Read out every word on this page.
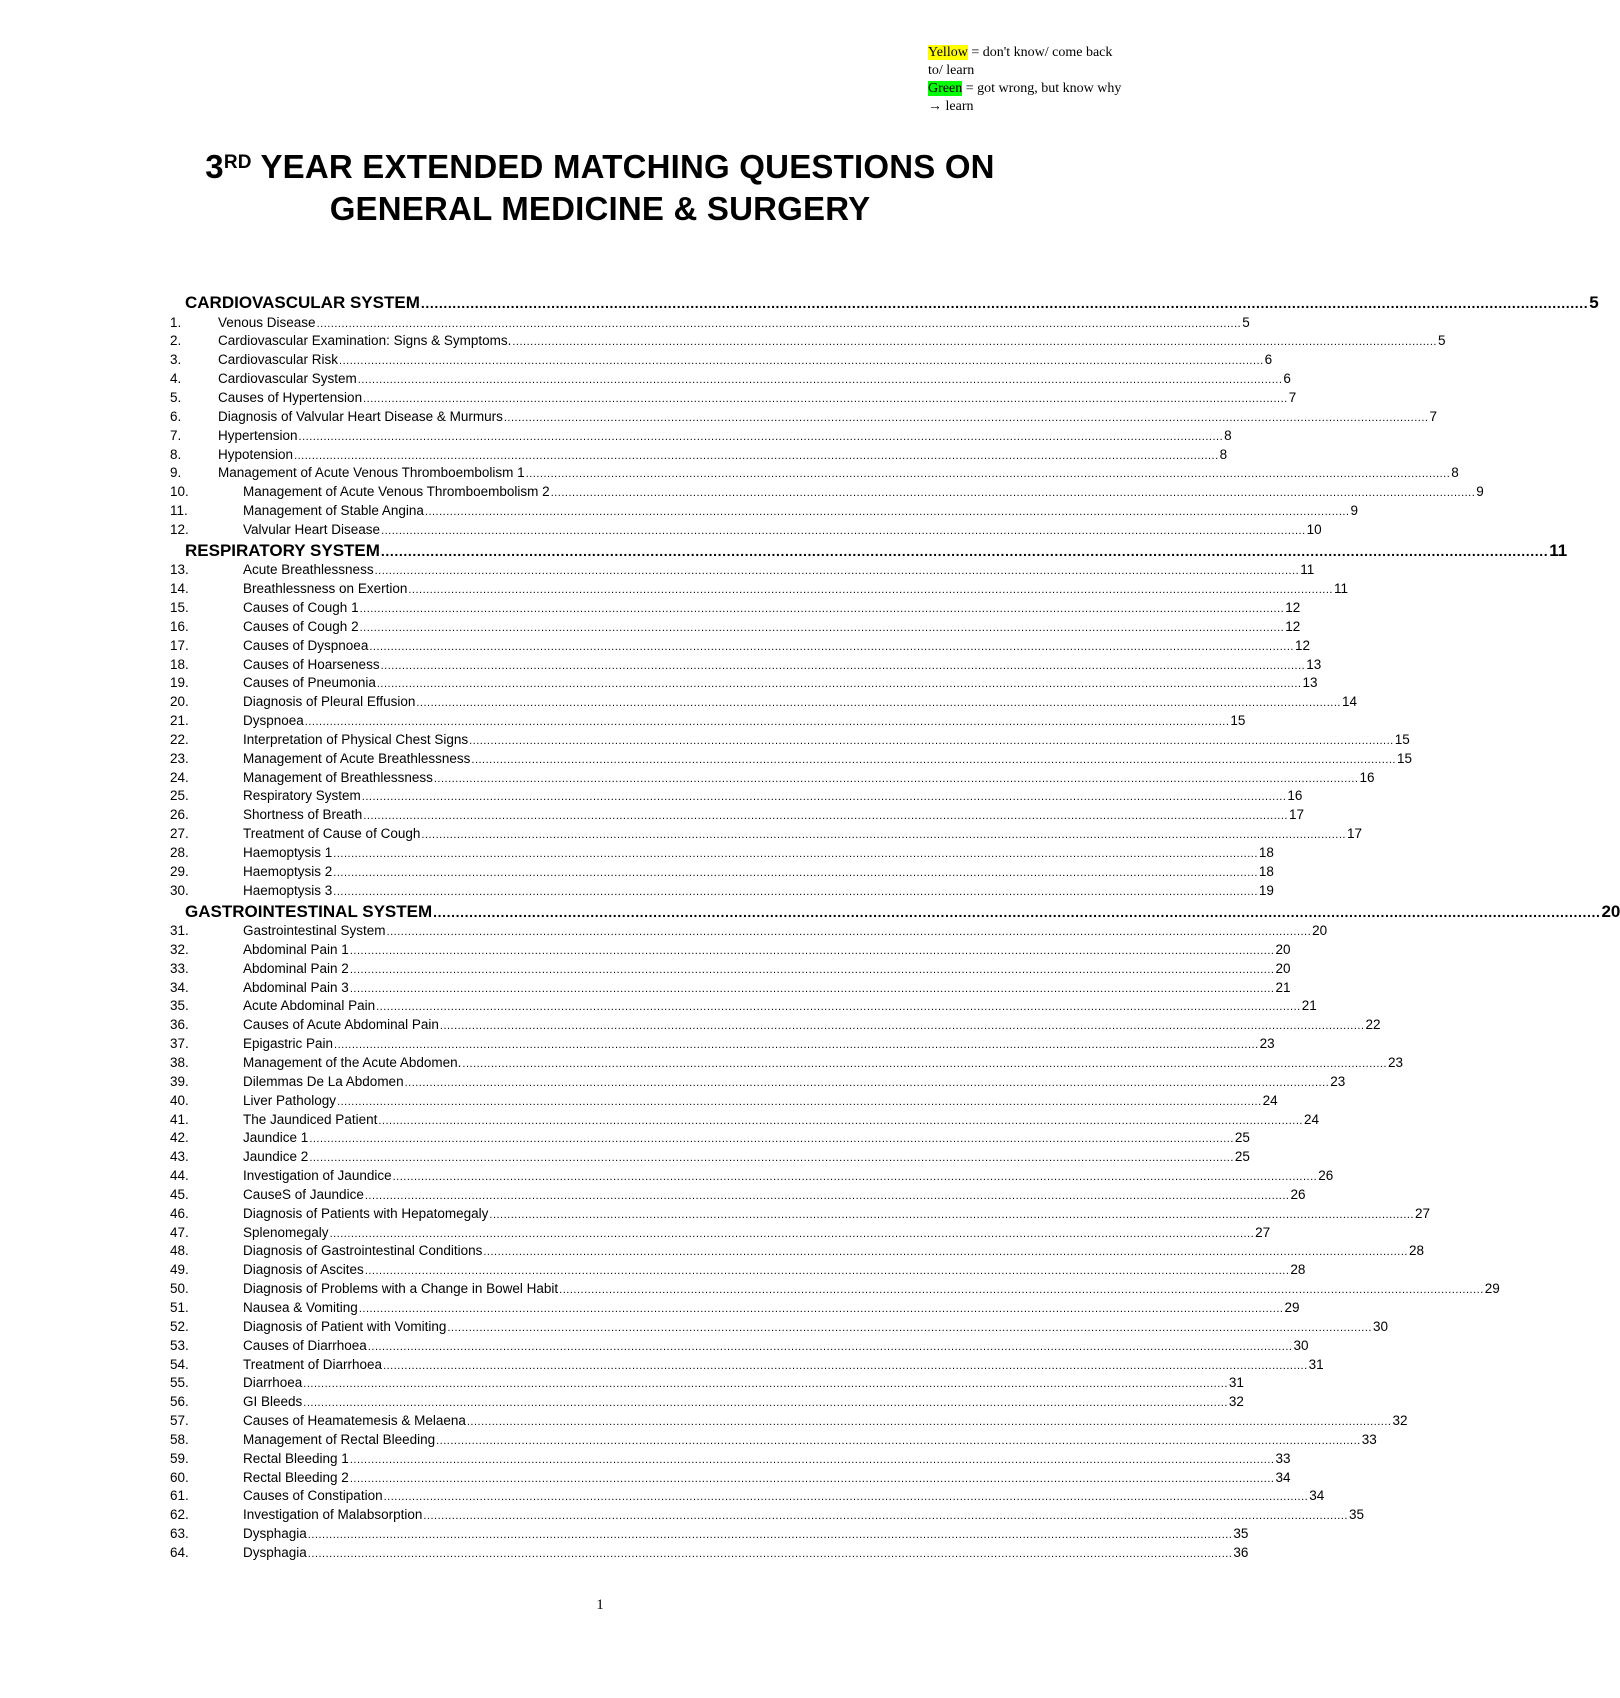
Yellow = don't know/ come back to/ learn
Green = got wrong, but know why → learn
3RD YEAR EXTENDED MATCHING QUESTIONS ON
GENERAL MEDICINE & SURGERY
CARDIOVASCULAR SYSTEM .................................................................................................................................................................................................................................................................... 5
1.	Venous Disease .................................................................................................................................................................................................................................................................... 5
2.	Cardiovascular Examination: Signs & Symptoms. .................................................................................................................................................................................................................................................................... 5
3.	Cardiovascular Risk .................................................................................................................................................................................................................................................................... 6
4.	Cardiovascular System .................................................................................................................................................................................................................................................................... 6
5.	Causes of Hypertension .................................................................................................................................................................................................................................................................... 7
6.	Diagnosis of Valvular Heart Disease & Murmurs .................................................................................................................................................................................................................................................................... 7
7.	Hypertension .................................................................................................................................................................................................................................................................... 8
8.	Hypotension .................................................................................................................................................................................................................................................................... 8
9.	Management of Acute Venous Thromboembolism 1 .................................................................................................................................................................................................................................................................... 8
10.	Management of Acute Venous Thromboembolism 2 .................................................................................................................................................................................................................................................................... 9
11.	Management of Stable Angina .................................................................................................................................................................................................................................................................... 9
12.	Valvular Heart Disease .................................................................................................................................................................................................................................................................... 10
RESPIRATORY SYSTEM .................................................................................................................................................................................................................................................................... 11
13.	Acute Breathlessness .................................................................................................................................................................................................................................................................... 11
14.	Breathlessness on Exertion .................................................................................................................................................................................................................................................................... 11
15.	Causes of Cough 1 .................................................................................................................................................................................................................................................................... 12
16.	Causes of Cough 2 .................................................................................................................................................................................................................................................................... 12
17.	Causes of Dyspnoea .................................................................................................................................................................................................................................................................... 12
18.	Causes of Hoarseness .................................................................................................................................................................................................................................................................... 13
19.	Causes of Pneumonia .................................................................................................................................................................................................................................................................... 13
20.	Diagnosis of Pleural Effusion .................................................................................................................................................................................................................................................................... 14
21.	Dyspnoea .................................................................................................................................................................................................................................................................... 15
22.	Interpretation of Physical Chest Signs .................................................................................................................................................................................................................................................................... 15
23.	Management of Acute Breathlessness .................................................................................................................................................................................................................................................................... 15
24.	Management of Breathlessness .................................................................................................................................................................................................................................................................... 16
25.	Respiratory System .................................................................................................................................................................................................................................................................... 16
26.	Shortness of Breath .................................................................................................................................................................................................................................................................... 17
27.	Treatment of Cause of Cough .................................................................................................................................................................................................................................................................... 17
28.	Haemoptysis 1 .................................................................................................................................................................................................................................................................... 18
29.	Haemoptysis 2 .................................................................................................................................................................................................................................................................... 18
30.	Haemoptysis 3 .................................................................................................................................................................................................................................................................... 19
GASTROINTESTINAL SYSTEM .................................................................................................................................................................................................................................................................... 20
31.	Gastrointestinal System .................................................................................................................................................................................................................................................................... 20
32.	Abdominal Pain 1 .................................................................................................................................................................................................................................................................... 20
33.	Abdominal Pain 2 .................................................................................................................................................................................................................................................................... 20
34.	Abdominal Pain 3 .................................................................................................................................................................................................................................................................... 21
35.	Acute Abdominal Pain .................................................................................................................................................................................................................................................................... 21
36.	Causes of Acute Abdominal Pain .................................................................................................................................................................................................................................................................... 22
37.	Epigastric Pain .................................................................................................................................................................................................................................................................... 23
38.	Management of the Acute Abdomen. .................................................................................................................................................................................................................................................................... 23
39.	Dilemmas De La Abdomen .................................................................................................................................................................................................................................................................... 23
40.	Liver Pathology .................................................................................................................................................................................................................................................................... 24
41.	The Jaundiced Patient .................................................................................................................................................................................................................................................................... 24
42.	Jaundice 1 .................................................................................................................................................................................................................................................................... 25
43.	Jaundice 2 .................................................................................................................................................................................................................................................................... 25
44.	Investigation of Jaundice .................................................................................................................................................................................................................................................................... 26
45.	CauseS of Jaundice .................................................................................................................................................................................................................................................................... 26
46.	Diagnosis of Patients with Hepatomegaly .................................................................................................................................................................................................................................................................... 27
47.	Splenomegaly .................................................................................................................................................................................................................................................................... 27
48.	Diagnosis of Gastrointestinal Conditions .................................................................................................................................................................................................................................................................... 28
49.	Diagnosis of Ascites .................................................................................................................................................................................................................................................................... 28
50.	Diagnosis of Problems with a Change in Bowel Habit .................................................................................................................................................................................................................................................................... 29
51.	Nausea & Vomiting .................................................................................................................................................................................................................................................................... 29
52.	Diagnosis of Patient with Vomiting .................................................................................................................................................................................................................................................................... 30
53.	Causes of Diarrhoea .................................................................................................................................................................................................................................................................... 30
54.	Treatment of Diarrhoea .................................................................................................................................................................................................................................................................... 31
55.	Diarrhoea .................................................................................................................................................................................................................................................................... 31
56.	GI Bleeds .................................................................................................................................................................................................................................................................... 32
57.	Causes of Heamatemesis & Melaena .................................................................................................................................................................................................................................................................... 32
58.	Management of Rectal Bleeding .................................................................................................................................................................................................................................................................... 33
59.	Rectal Bleeding 1 .................................................................................................................................................................................................................................................................... 33
60.	Rectal Bleeding 2 .................................................................................................................................................................................................................................................................... 34
61.	Causes of Constipation .................................................................................................................................................................................................................................................................... 34
62.	Investigation of Malabsorption .................................................................................................................................................................................................................................................................... 35
63.	Dysphagia .................................................................................................................................................................................................................................................................... 35
64.	Dysphagia .................................................................................................................................................................................................................................................................... 36
1
